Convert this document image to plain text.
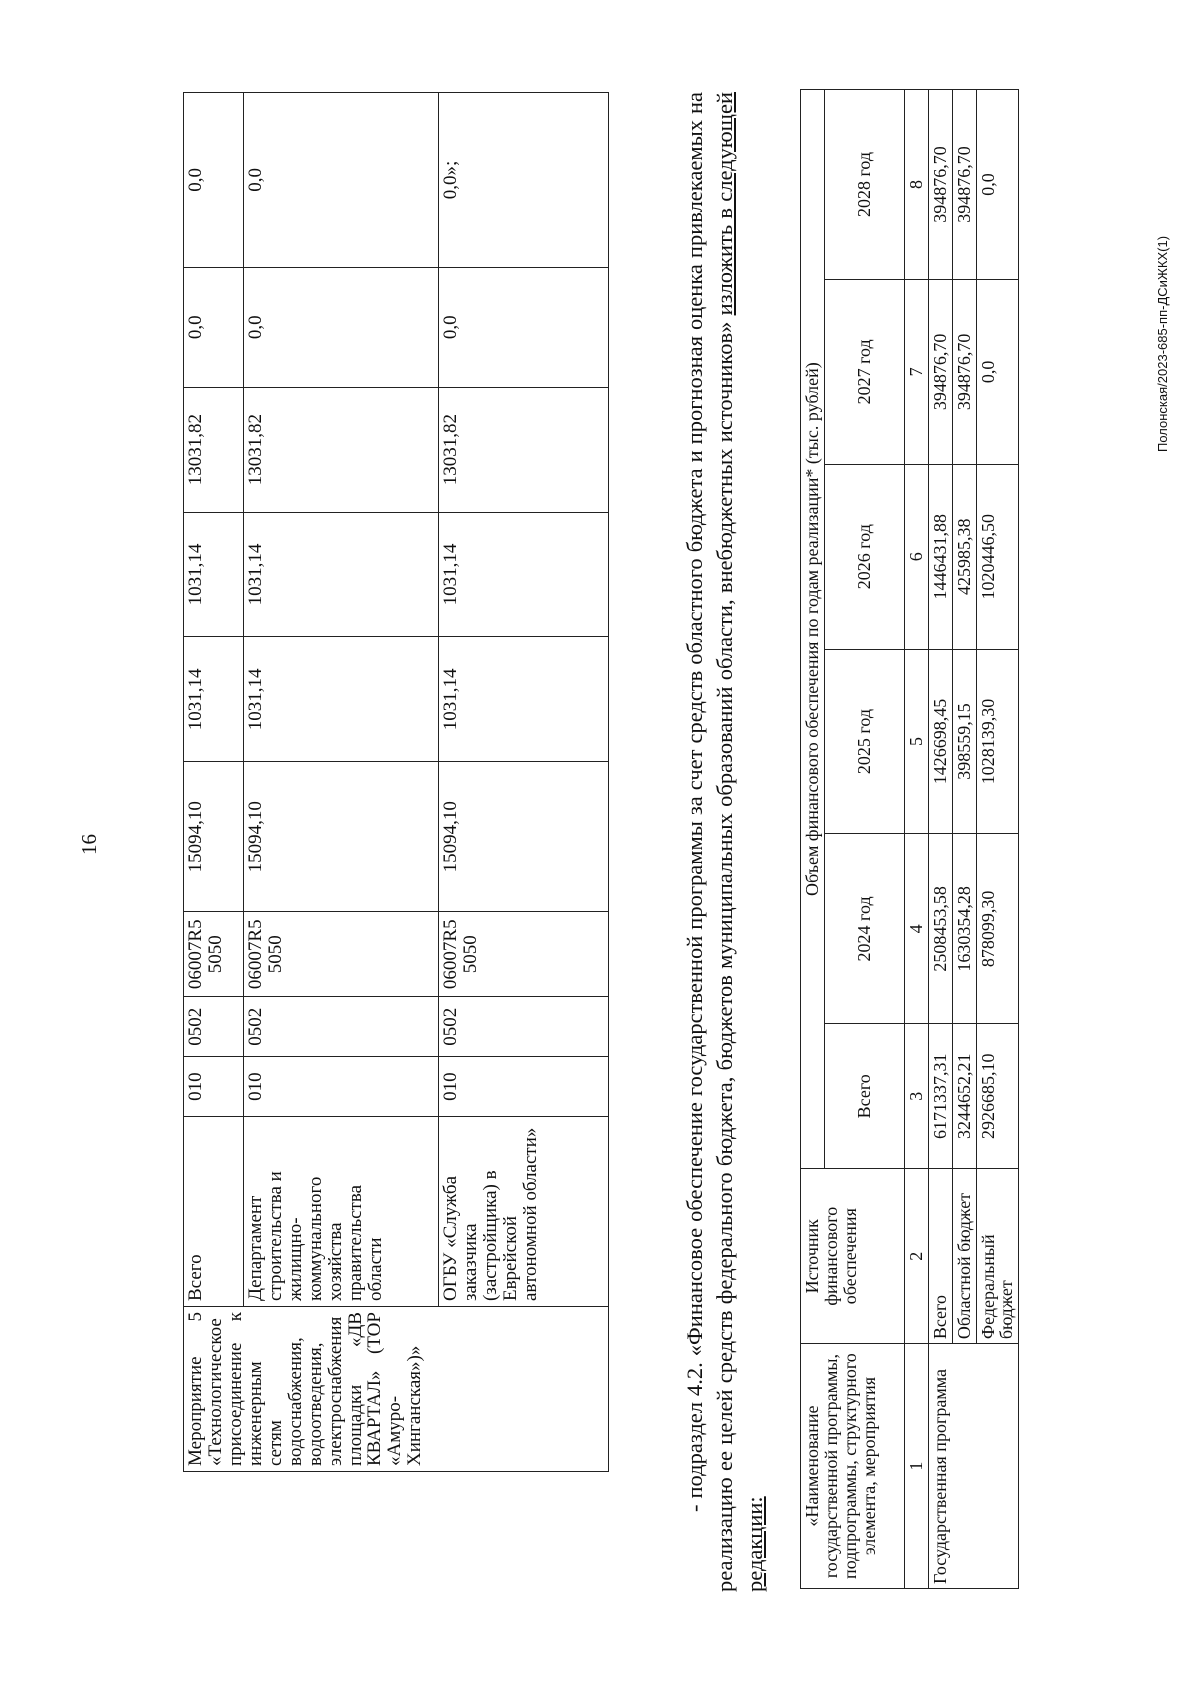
16
Полонская/2023-685-пп-ДСиЖКХ(1)
Мероприятие 5 «Технологическое присоединение к инженерным сетям водоснабжения, водоотведения, электроснабжения площадки «ДВ КВАРТАЛ» (ТОР «Амуро-Хинганская»)»	Всего	010	0502	06007R5 5050	15094,10	1031,14	1031,14	13031,82	0,0	0,0
	Департамент строительства и жилищно-коммунального хозяйства правительства области	010	0502	06007R5 5050	15094,10	1031,14	1031,14	13031,82	0,0	0,0
	ОГБУ «Служба заказчика (застройщика) в Еврейской автономной области»	010	0502	06007R5 5050	15094,10	1031,14	1031,14	13031,82	0,0	0,0»;	- подраздел 4.2. «Финансовое обеспечение государственной программы за счет средств областного бюджета и прогнозная оценка привлекаемых на реализацию ее целей средств федерального бюджета, бюджетов муниципальных образований области, внебюджетных источников» изложить в следующей редакции:
«Наименование государственной программы, подпрограммы, структурного элемента, мероприятия	Источник финансового обеспечения	Объем финансового обеспечения по годам реализации* (тыс. рублей)					
		Всего	2024 год	2025 год	2026 год	2027 год	2028 год
1	2	3	4	5	6	7	8
Государственная программа	Всего	6171337,31	2508453,58	1426698,45	1446431,88	394876,70	394876,70
	Областной бюджет	3244652,21	1630354,28	398559,15	425985,38	394876,70	394876,70
	Федеральный бюджет	2926685,10	878099,30	1028139,30	1020446,50	0,0	0,0
